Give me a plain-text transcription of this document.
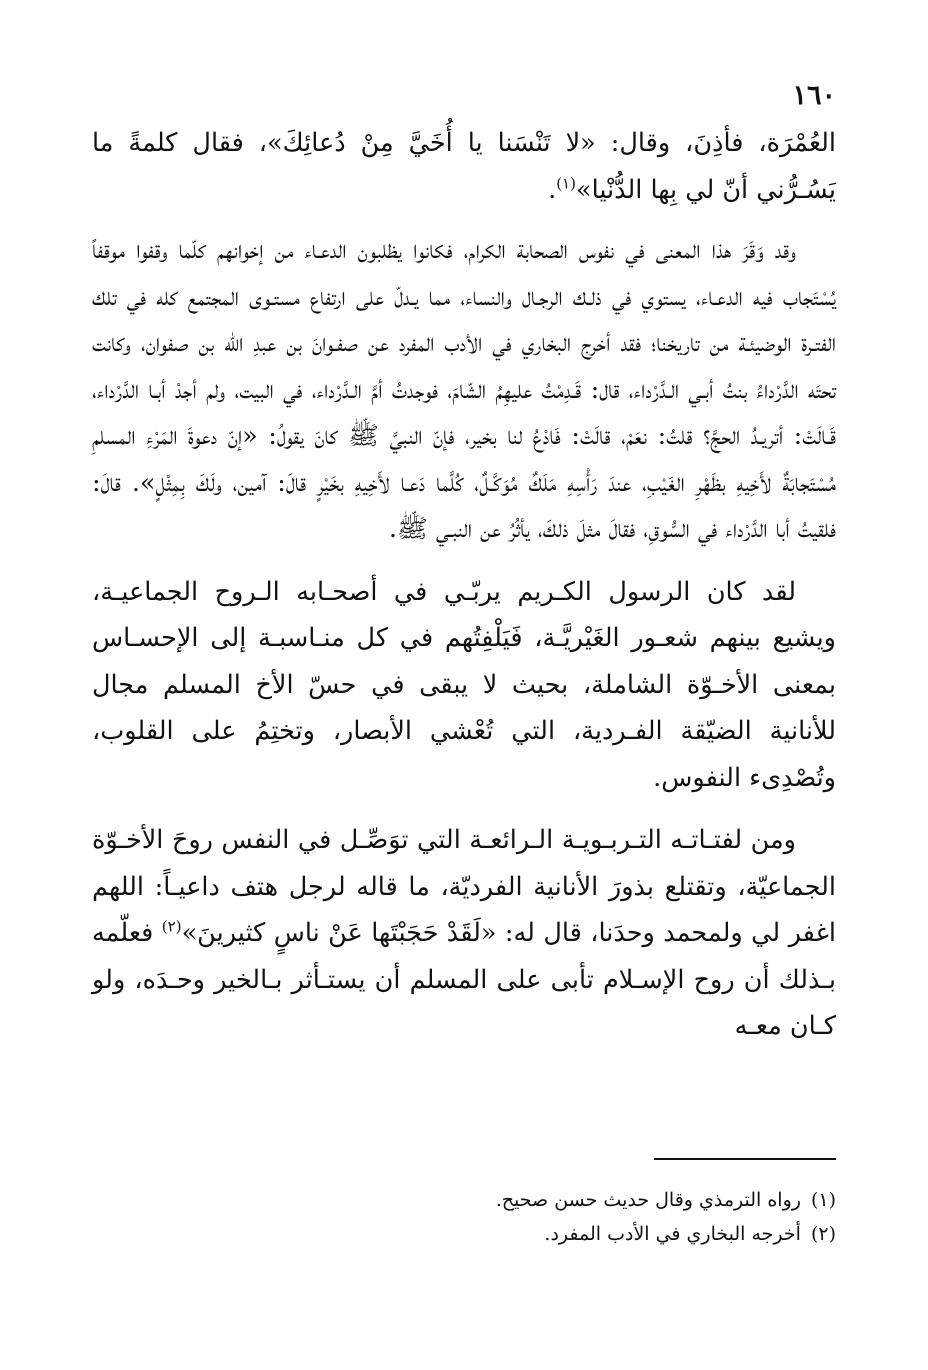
١٦٠

العُمْرَة، فأذِنَ، وقال: «لا تَنْسَنا يا أُخَيَّ مِنْ دُعائِكَ»، فقال كلمةً ما يَسُـرُّني أنّ لي بِها الدُّنْيا»$^{(١)}$.

وقد وَقَرَ هذا المعنى في نفوس الصحابة الكرام، فكانوا يظلبون الدعـاء من إخوانهم كلّما وقفوا موقفاً يُسْتَجاب فيه الدعـاء، يستوي في ذلـك الرجـال والنساء، مما يـدلّ على ارتفاع مستـوى المجتمع كله في تلك الفتـرة الوضيئـة من تاريخنا؛ فقد أخرج البخاري في الأدب المفرد عن صفـوانَ بن عبدِ الله بن صفوان، وكانت تحتَه الدَّرْداءُ بنتُ أبـي الـدَّرْداء، قال: قَـدِمْتُ عليهِمُ الشّامَ، فوجدتُ أمَّ الـدَّرْداء، في البيت، ولم أجدْ أبـا الدَّرْداء، قَـالَتْ: أتريـدُ الحجَّ؟ قلتُ: نعَمْ، قالَتْ: فَادْعُ لنا بخير، فإنّ النبيَّ ﷺ كانَ يقولُ: «إنّ دعوةَ المَرْءِ المسلمِ مُسْتَجابَةٌ لأَخِيهِ بظَهْرِ الغَيْبِ، عندَ رَأْسِهِ مَلَكٌ مُوَكَّـلٌ، كُلَّما دَعـا لأَخِيهِ بخَيْرٍ قالَ: آمين، ولَكَ بِمِثْلٍ». قالَ: فلقيتُ أبا الدَّرْداء في السُّوقِ، فقالَ مثلَ ذلكَ، يأثُرُ عن النبـي ﷺ.

لقد كان الرسول الكـريم يربّـي في أصحـابه الـروح الجماعيـة، ويشيع بينهم شعـور الغَيْريَّـة، فَيَلْفِتُهم في كل منـاسبـة إلى الإحسـاس بمعنى الأخـوّة الشاملة، بحيث لا يبقى في حسّ الأخ المسلم مجال للأنانية الضيّقة الفـردية، التي تُعْشي الأبصار، وتختِمُ على القلوب، وتُصْدِىء النفوس.

ومن لفتـاتـه التـربـويـة الـرائعـة التي توَصِّـل في النفس روحَ الأخـوّة الجماعيّة، وتقتلع بذورَ الأنانية الفرديّة، ما قاله لرجل هتف داعيـاً: اللهم اغفر لي ولمحمد وحدَنا، قال له: «لَقَدْ حَجَبْتَها عَنْ ناسٍ كثيرينَ»$^{(٢)}$ فعلّمه بـذلك أن روح الإسـلام تأبى على المسلم أن يستـأثر بـالخير وحـدَه، ولو كـان معـه

(١)
رواه الترمذي وقال حديث حسن صحيح.
(٢)
أخرجه البخاري في الأدب المفرد.
